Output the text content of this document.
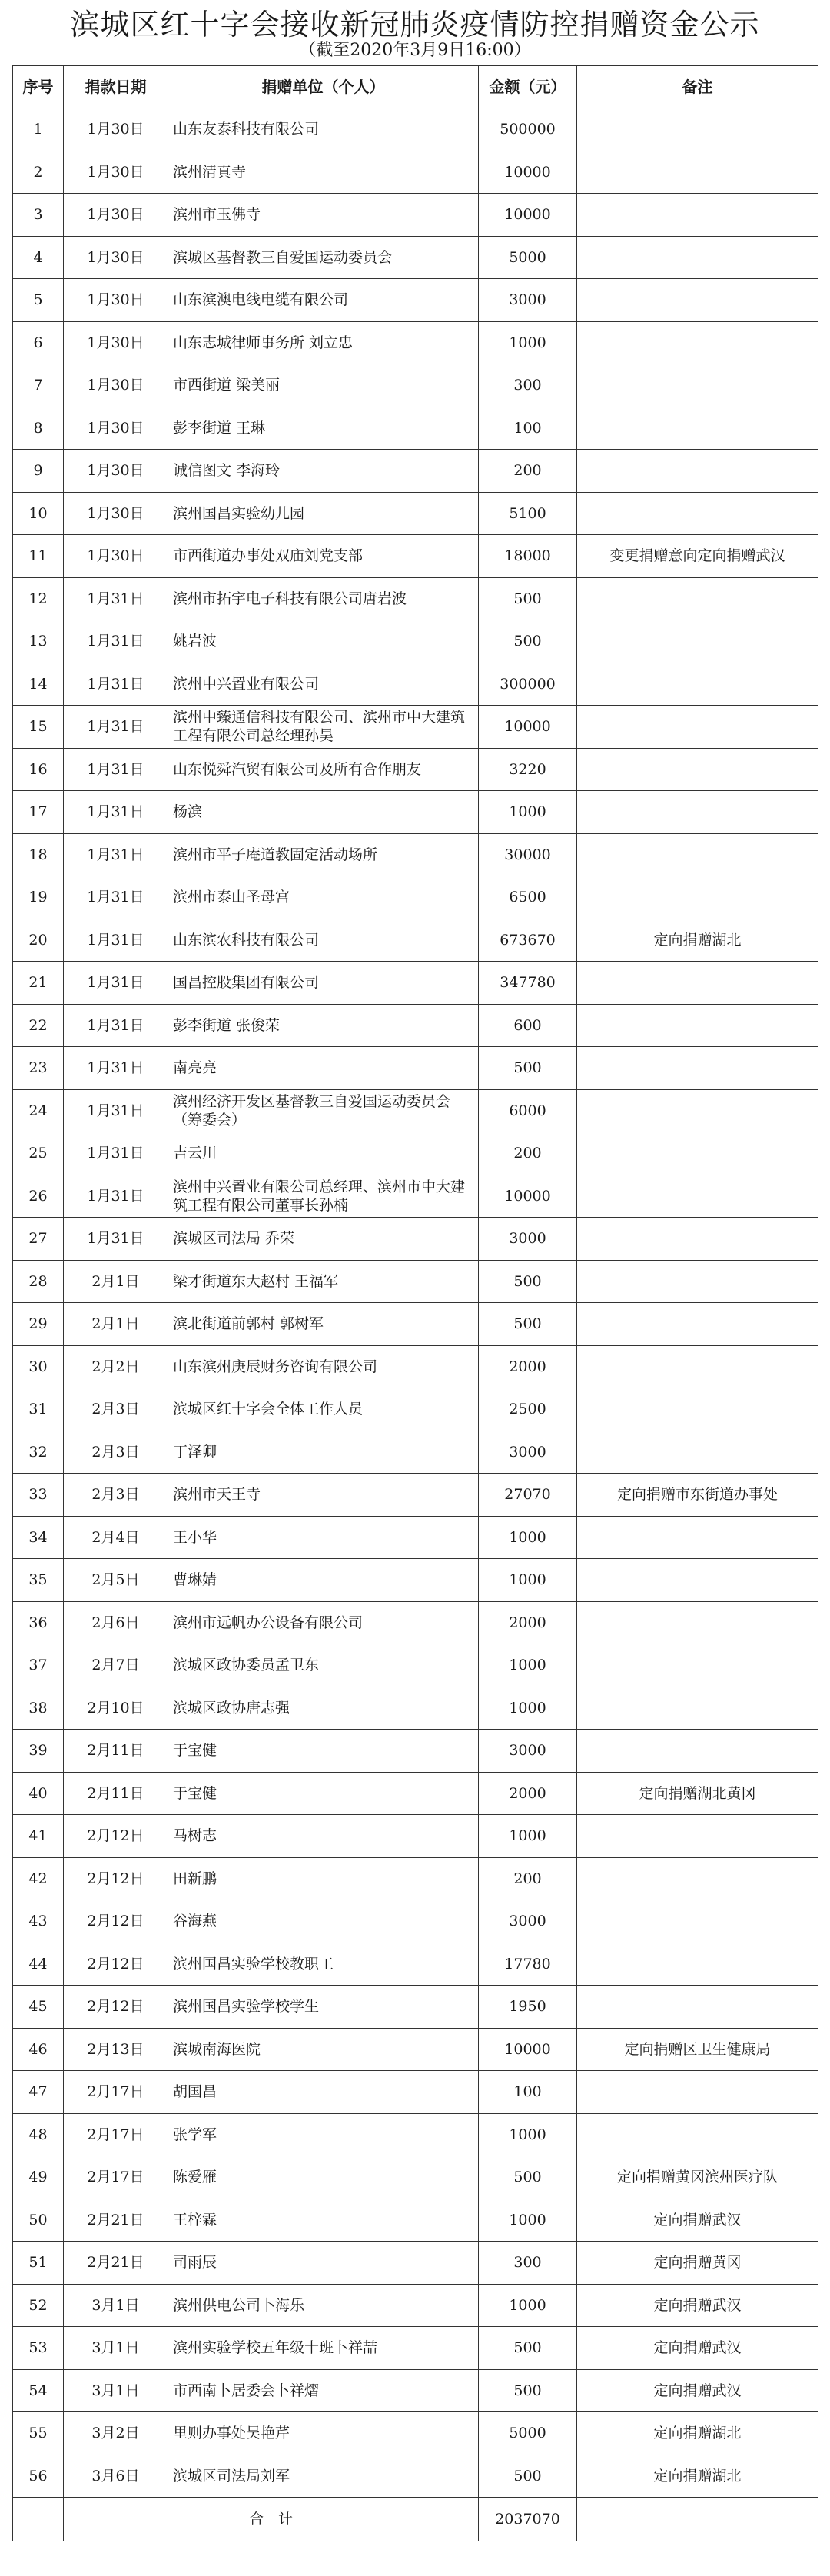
滨城区红十字会接收新冠肺炎疫情防控捐赠资金公示
（截至2020年3月9日16:00）
序号	捐款日期	捐赠单位（个人）	金额（元）	备注
1	1月30日	山东友泰科技有限公司	500000	
2	1月30日	滨州清真寺	10000	
3	1月30日	滨州市玉佛寺	10000	
4	1月30日	滨城区基督教三自爱国运动委员会	5000	
5	1月30日	山东滨澳电线电缆有限公司	3000	
6	1月30日	山东志城律师事务所 刘立忠	1000	
7	1月30日	市西街道 梁美丽	300	
8	1月30日	彭李街道 王琳	100	
9	1月30日	诚信图文 李海玲	200	
10	1月30日	滨州国昌实验幼儿园	5100	
11	1月30日	市西街道办事处双庙刘党支部	18000	变更捐赠意向定向捐赠武汉
12	1月31日	滨州市拓宇电子科技有限公司唐岩波	500	
13	1月31日	姚岩波	500	
14	1月31日	滨州中兴置业有限公司	300000	
15	1月31日	滨州中臻通信科技有限公司、滨州市中大建筑工程有限公司总经理孙昊	10000	
16	1月31日	山东悦舜汽贸有限公司及所有合作朋友	3220	
17	1月31日	杨滨	1000	
18	1月31日	滨州市平子庵道教固定活动场所	30000	
19	1月31日	滨州市泰山圣母宫	6500	
20	1月31日	山东滨农科技有限公司	673670	定向捐赠湖北
21	1月31日	国昌控股集团有限公司	347780	
22	1月31日	彭李街道 张俊荣	600	
23	1月31日	南亮亮	500	
24	1月31日	滨州经济开发区基督教三自爱国运动委员会（筹委会）	6000	
25	1月31日	吉云川	200	
26	1月31日	滨州中兴置业有限公司总经理、滨州市中大建筑工程有限公司董事长孙楠	10000	
27	1月31日	滨城区司法局 乔荣	3000	
28	2月1日	梁才街道东大赵村 王福军	500	
29	2月1日	滨北街道前郭村 郭树军	500	
30	2月2日	山东滨州庚辰财务咨询有限公司	2000	
31	2月3日	滨城区红十字会全体工作人员	2500	
32	2月3日	丁泽卿	3000	
33	2月3日	滨州市天王寺	27070	定向捐赠市东街道办事处
34	2月4日	王小华	1000	
35	2月5日	曹琳婧	1000	
36	2月6日	滨州市远帆办公设备有限公司	2000	
37	2月7日	滨城区政协委员孟卫东	1000	
38	2月10日	滨城区政协唐志强	1000	
39	2月11日	于宝健	3000	
40	2月11日	于宝健	2000	定向捐赠湖北黄冈
41	2月12日	马树志	1000	
42	2月12日	田新鹏	200	
43	2月12日	谷海燕	3000	
44	2月12日	滨州国昌实验学校教职工	17780	
45	2月12日	滨州国昌实验学校学生	1950	
46	2月13日	滨城南海医院	10000	定向捐赠区卫生健康局
47	2月17日	胡国昌	100	
48	2月17日	张学军	1000	
49	2月17日	陈爱雁	500	定向捐赠黄冈滨州医疗队
50	2月21日	王梓霖	1000	定向捐赠武汉
51	2月21日	司雨辰	300	定向捐赠黄冈
52	3月1日	滨州供电公司卜海乐	1000	定向捐赠武汉
53	3月1日	滨州实验学校五年级十班卜祥喆	500	定向捐赠武汉
54	3月1日	市西南卜居委会卜祥熠	500	定向捐赠武汉
55	3月2日	里则办事处吴艳芹	5000	定向捐赠湖北
56	3月6日	滨城区司法局刘军	500	定向捐赠湖北
	合　计		2037070	
